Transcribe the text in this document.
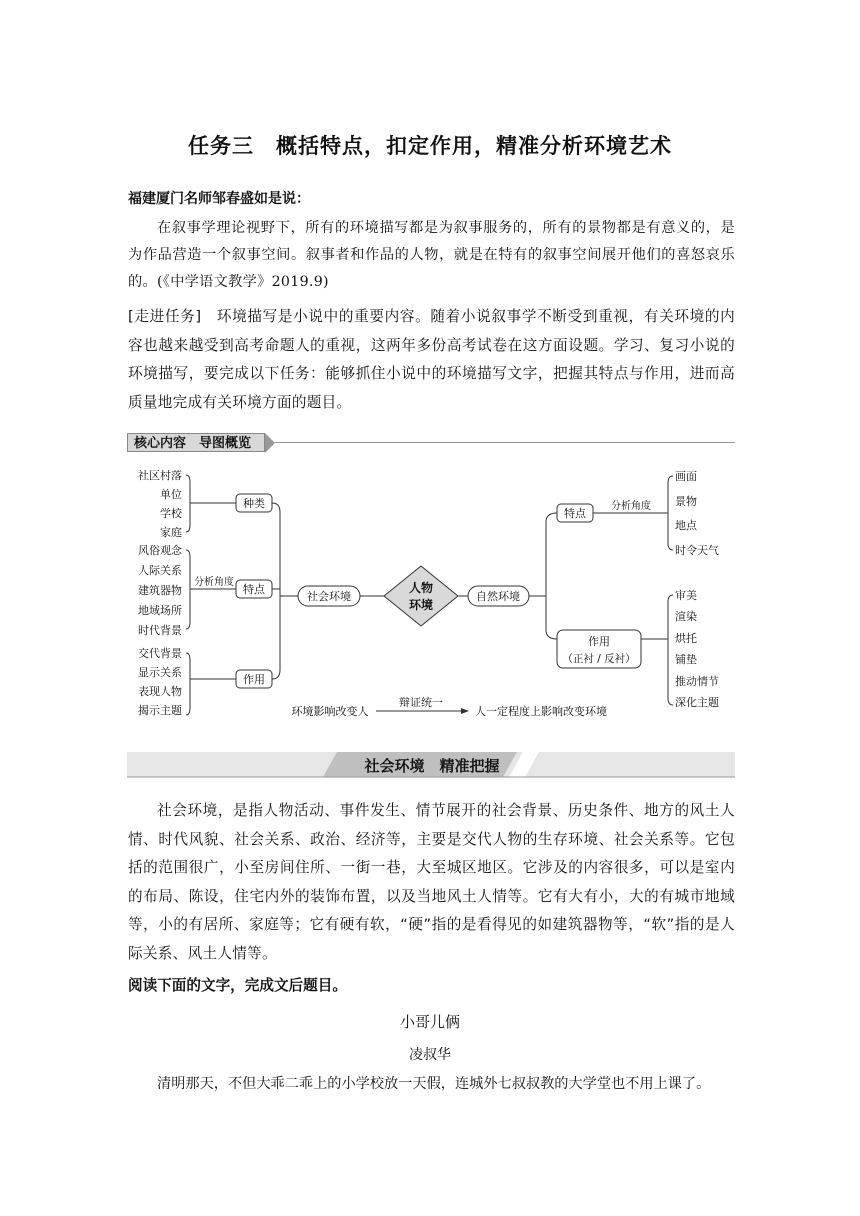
任务三　概括特点，扣定作用，精准分析环境艺术
福建厦门名师邹春盛如是说：
在叙事学理论视野下，所有的环境描写都是为叙事服务的，所有的景物都是有意义的，是为作品营造一个叙事空间。叙事者和作品的人物，就是在特有的叙事空间展开他们的喜怒哀乐的。(《中学语文教学》2019.9)
[走进任务]　环境描写是小说中的重要内容。随着小说叙事学不断受到重视，有关环境的内容也越来越受到高考命题人的重视，这两年多份高考试卷在这方面设题。学习、复习小说的环境描写，要完成以下任务：能够抓住小说中的环境描写文字，把握其特点与作用，进而高质量地完成有关环境方面的题目。
核心内容　导图概览
种类
特点
作用
分析角度
社会环境	自然环境
特点
分析角度
作用
（正衬 / 反衬）
人物
环境
环境影响改变人
辩证统一
人一定程度上影响改变环境
社区村落
单位
学校
家庭
风俗观念
人际关系
建筑器物
地域场所
时代背景
交代背景
显示关系
表现人物
揭示主题
画面
景物
地点
时令天气
审美
渲染
烘托
铺垫
推动情节
深化主题
社会环境　精准把握
社会环境，是指人物活动、事件发生、情节展开的社会背景、历史条件、地方的风土人情、时代风貌、社会关系、政治、经济等，主要是交代人物的生存环境、社会关系等。它包括的范围很广，小至房间住所、一街一巷，大至城区地区。它涉及的内容很多，可以是室内的布局、陈设，住宅内外的装饰布置，以及当地风土人情等。它有大有小，大的有城市地域等，小的有居所、家庭等；它有硬有软，“硬”指的是看得见的如建筑器物等，“软”指的是人际关系、风土人情等。
阅读下面的文字，完成文后题目。
小哥儿俩
凌叔华
清明那天，不但大乖二乖上的小学校放一天假，连城外七叔叔教的大学堂也不用上课了。
